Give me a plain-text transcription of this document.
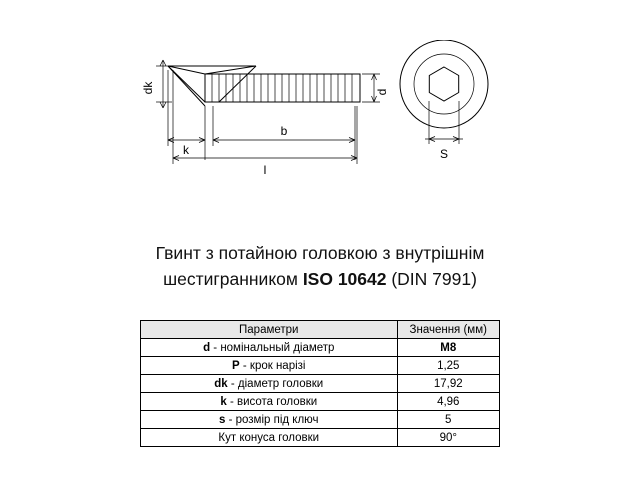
dk
k
b
l
d
S
Гвинт з потайною головкою з внутрішнім
шестигранником ISO 10642 (DIN 7991)
Параметри	Значення (мм)
d - номінальный діаметр	M8
P - крок нарізі	1,25
dk - діаметр головки	17,92
k - висота головки	4,96
s - розмір під ключ	5
Кут конуса головки	90°
